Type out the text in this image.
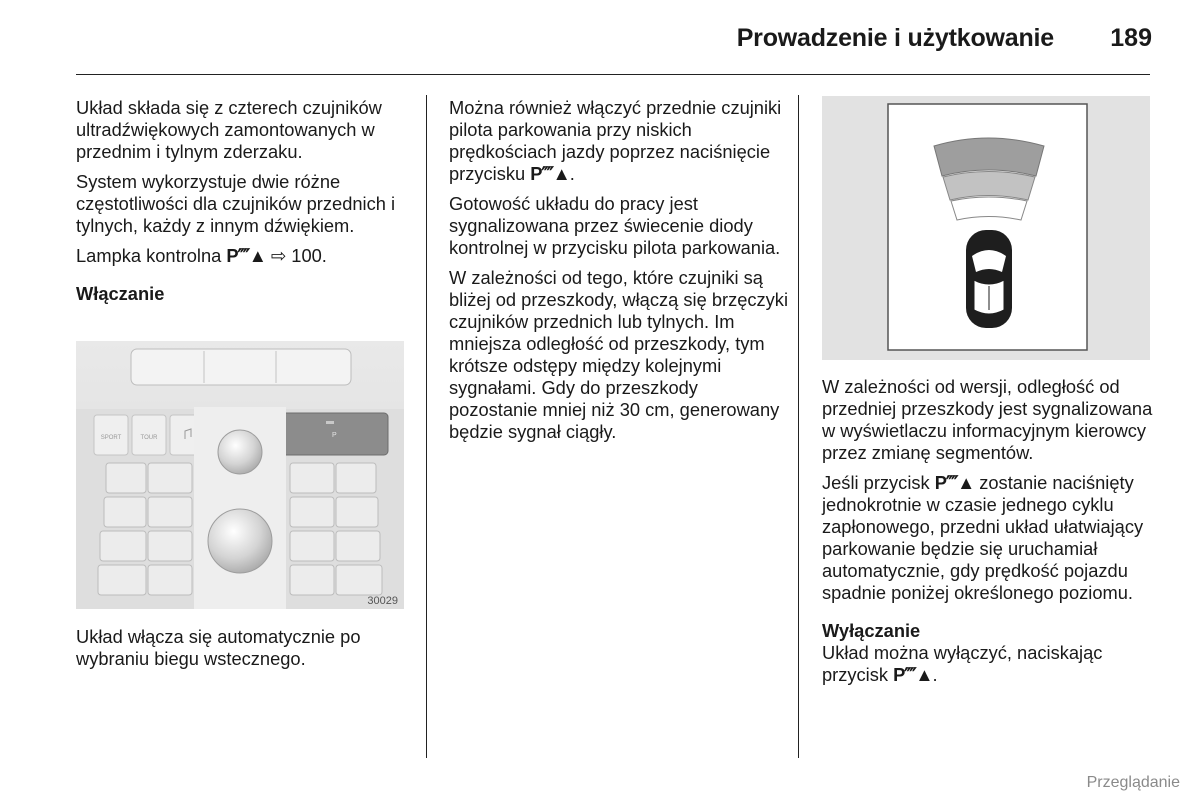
Prowadzenie i użytkowanie 189

Układ składa się z czterech czujników ultradźwiękowych zamontowanych w przednim i tylnym zderzaku.

System wykorzystuje dwie różne częstotliwości dla czujników przednich i tylnych, każdy z innym dźwiękiem.

Lampka kontrolna P⁗▲ ⇨ 100.

Włączanie
SPORT	TOUR	P
30029

Układ włącza się automatycznie po wybraniu biegu wstecznego.

Można również włączyć przednie czujniki pilota parkowania przy niskich prędkościach jazdy poprzez naciśnięcie przycisku P⁗▲.

Gotowość układu do pracy jest sygnalizowana przez świecenie diody kontrolnej w przycisku pilota parkowania.

W zależności od tego, które czujniki są bliżej od przeszkody, włączą się brzęczyki czujników przednich lub tylnych. Im mniejsza odległość od przeszkody, tym krótsze odstępy między kolejnymi sygnałami. Gdy do przeszkody pozostanie mniej niż 30 cm, generowany będzie sygnał ciągły.

W zależności od wersji, odległość od przedniej przeszkody jest sygnalizowana w wyświetlaczu informacyjnym kierowcy przez zmianę segmentów.

Jeśli przycisk P⁗▲ zostanie naciśnięty jednokrotnie w czasie jednego cyklu zapłonowego, przedni układ ułatwiający parkowanie będzie się uruchamiał automatycznie, gdy prędkość pojazdu spadnie poniżej określonego poziomu.

Wyłączanie

Układ można wyłączyć, naciskając przycisk P⁗▲.

Przeglądanie
